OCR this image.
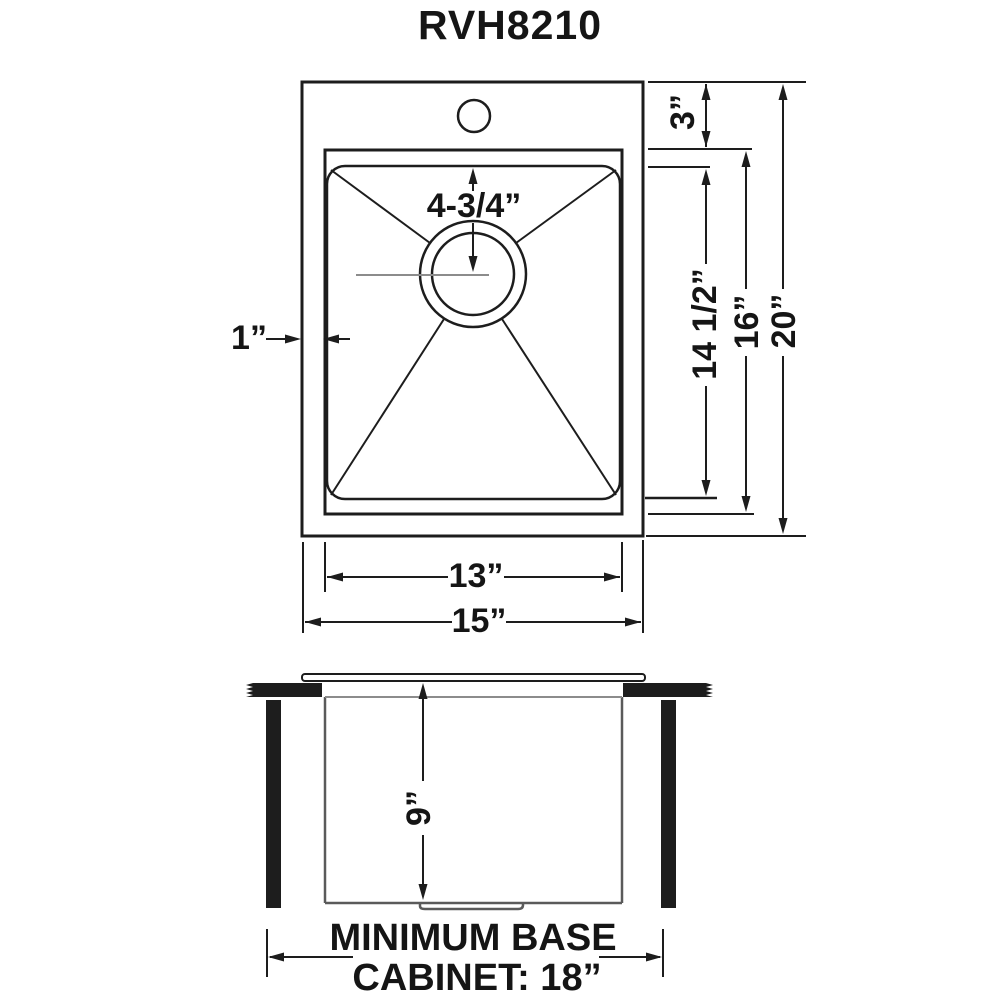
RVH8210
4-3/4”
1”
3”
14 1/2” 16” 20”
13”
15”
9”
MINIMUM BASE
CABINET: 18”
